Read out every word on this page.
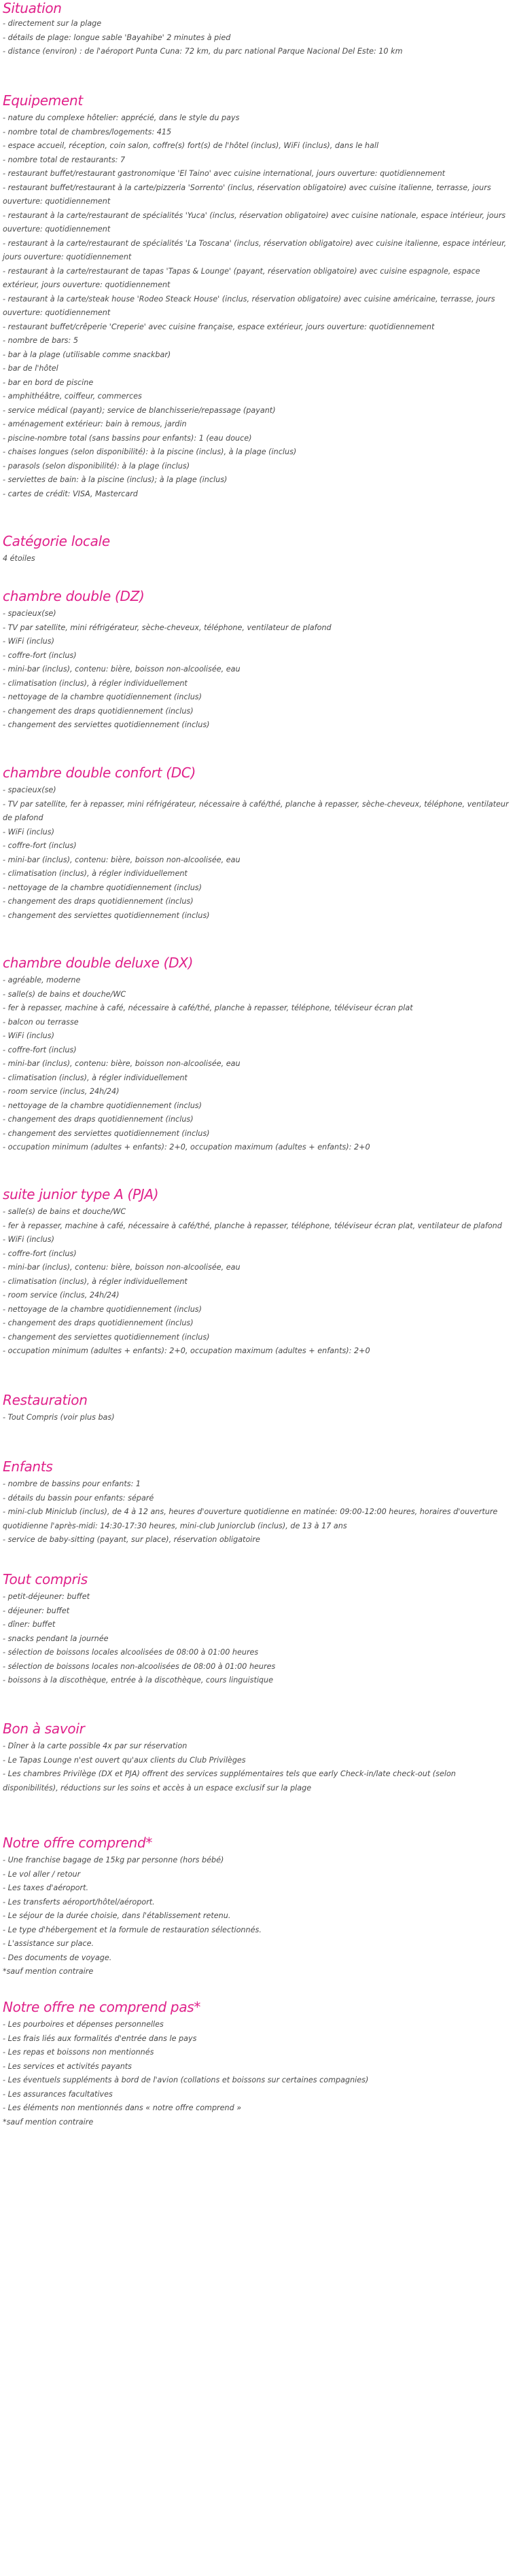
Situation
- directement sur la plage
- détails de plage: longue sable 'Bayahibe' 2 minutes à pied
- distance (environ) : de l'aéroport Punta Cuna: 72 km, du parc national Parque Nacional Del Este: 10 km
Equipement
- nature du complexe hôtelier: apprécié, dans le style du pays
- nombre total de chambres/logements: 415
- espace accueil, réception, coin salon, coffre(s) fort(s) de l'hôtel (inclus), WiFi (inclus), dans le hall
- nombre total de restaurants: 7
- restaurant buffet/restaurant gastronomique 'El Taino' avec cuisine international, jours ouverture: quotidiennement
- restaurant buffet/restaurant à la carte/pizzeria 'Sorrento' (inclus, réservation obligatoire) avec cuisine italienne, terrasse, jours ouverture: quotidiennement
- restaurant à la carte/restaurant de spécialités 'Yuca' (inclus, réservation obligatoire) avec cuisine nationale, espace intérieur, jours ouverture: quotidiennement
- restaurant à la carte/restaurant de spécialités 'La Toscana' (inclus, réservation obligatoire) avec cuisine italienne, espace intérieur, jours ouverture: quotidiennement
- restaurant à la carte/restaurant de tapas 'Tapas & Lounge' (payant, réservation obligatoire) avec cuisine espagnole, espace extérieur, jours ouverture: quotidiennement
- restaurant à la carte/steak house 'Rodeo Steack House' (inclus, réservation obligatoire) avec cuisine américaine, terrasse, jours ouverture: quotidiennement
- restaurant buffet/crêperie 'Creperie' avec cuisine française, espace extérieur, jours ouverture: quotidiennement
- nombre de bars: 5
- bar à la plage (utilisable comme snackbar)
- bar de l'hôtel
- bar en bord de piscine
- amphithéâtre, coiffeur, commerces
- service médical (payant); service de blanchisserie/repassage (payant)
- aménagement extérieur: bain à remous, jardin
- piscine-nombre total (sans bassins pour enfants): 1 (eau douce)
- chaises longues (selon disponibilité): à la piscine (inclus), à la plage (inclus)
- parasols (selon disponibilité): à la plage (inclus)
- serviettes de bain: à la piscine (inclus); à la plage (inclus)
- cartes de crédit: VISA, Mastercard
Catégorie locale
4 étoiles
chambre double (DZ)
- spacieux(se)
- TV par satellite, mini réfrigérateur, sèche-cheveux, téléphone, ventilateur de plafond
- WiFi (inclus)
- coffre-fort (inclus)
- mini-bar (inclus), contenu: bière, boisson non-alcoolisée, eau
- climatisation (inclus), à régler individuellement
- nettoyage de la chambre quotidiennement (inclus)
- changement des draps quotidiennement (inclus)
- changement des serviettes quotidiennement (inclus)
chambre double confort (DC)
- spacieux(se)
- TV par satellite, fer à repasser, mini réfrigérateur, nécessaire à café/thé, planche à repasser, sèche-cheveux, téléphone, ventilateur de plafond
- WiFi (inclus)
- coffre-fort (inclus)
- mini-bar (inclus), contenu: bière, boisson non-alcoolisée, eau
- climatisation (inclus), à régler individuellement
- nettoyage de la chambre quotidiennement (inclus)
- changement des draps quotidiennement (inclus)
- changement des serviettes quotidiennement (inclus)
chambre double deluxe (DX)
- agréable, moderne
- salle(s) de bains et douche/WC
- fer à repasser, machine à café, nécessaire à café/thé, planche à repasser, téléphone, téléviseur écran plat
- balcon ou terrasse
- WiFi (inclus)
- coffre-fort (inclus)
- mini-bar (inclus), contenu: bière, boisson non-alcoolisée, eau
- climatisation (inclus), à régler individuellement
- room service (inclus, 24h/24)
- nettoyage de la chambre quotidiennement (inclus)
- changement des draps quotidiennement (inclus)
- changement des serviettes quotidiennement (inclus)
- occupation minimum (adultes + enfants): 2+0, occupation maximum (adultes + enfants): 2+0
suite junior type A (PJA)
- salle(s) de bains et douche/WC
- fer à repasser, machine à café, nécessaire à café/thé, planche à repasser, téléphone, téléviseur écran plat, ventilateur de plafond
- WiFi (inclus)
- coffre-fort (inclus)
- mini-bar (inclus), contenu: bière, boisson non-alcoolisée, eau
- climatisation (inclus), à régler individuellement
- room service (inclus, 24h/24)
- nettoyage de la chambre quotidiennement (inclus)
- changement des draps quotidiennement (inclus)
- changement des serviettes quotidiennement (inclus)
- occupation minimum (adultes + enfants): 2+0, occupation maximum (adultes + enfants): 2+0
Restauration
- Tout Compris (voir plus bas)
Enfants
- nombre de bassins pour enfants: 1
- détails du bassin pour enfants: séparé
- mini-club Miniclub (inclus), de 4 à 12 ans, heures d'ouverture quotidienne en matinée: 09:00-12:00 heures, horaires d'ouverture quotidienne l'après-midi: 14:30-17:30 heures, mini-club Juniorclub (inclus), de 13 à 17 ans
- service de baby-sitting (payant, sur place), réservation obligatoire
Tout compris
- petit-déjeuner: buffet
- déjeuner: buffet
- dîner: buffet
- snacks pendant la journée
- sélection de boissons locales alcoolisées de 08:00 à 01:00 heures
- sélection de boissons locales non-alcoolisées de 08:00 à 01:00 heures
- boissons à la discothèque, entrée à la discothèque, cours linguistique
Bon à savoir
- Dîner à la carte possible 4x par sur réservation
- Le Tapas Lounge n'est ouvert qu'aux clients du Club Privilèges
- Les chambres Privilège (DX et PJA) offrent des services supplémentaires tels que early Check-in/late check-out (selon disponibilités), réductions sur les soins et accès à un espace exclusif sur la plage
Notre offre comprend*
- Une franchise bagage de 15kg par personne (hors bébé)
- Le vol aller / retour
- Les taxes d'aéroport.
- Les transferts aéroport/hôtel/aéroport.
- Le séjour de la durée choisie, dans l'établissement retenu.
- Le type d'hébergement et la formule de restauration sélectionnés.
- L'assistance sur place.
- Des documents de voyage.
*sauf mention contraire
Notre offre ne comprend pas*
- Les pourboires et dépenses personnelles
- Les frais liés aux formalités d'entrée dans le pays
- Les repas et boissons non mentionnés
- Les services et activités payants
- Les éventuels suppléments à bord de l'avion (collations et boissons sur certaines compagnies)
- Les assurances facultatives
- Les éléments non mentionnés dans « notre offre comprend »
*sauf mention contraire
